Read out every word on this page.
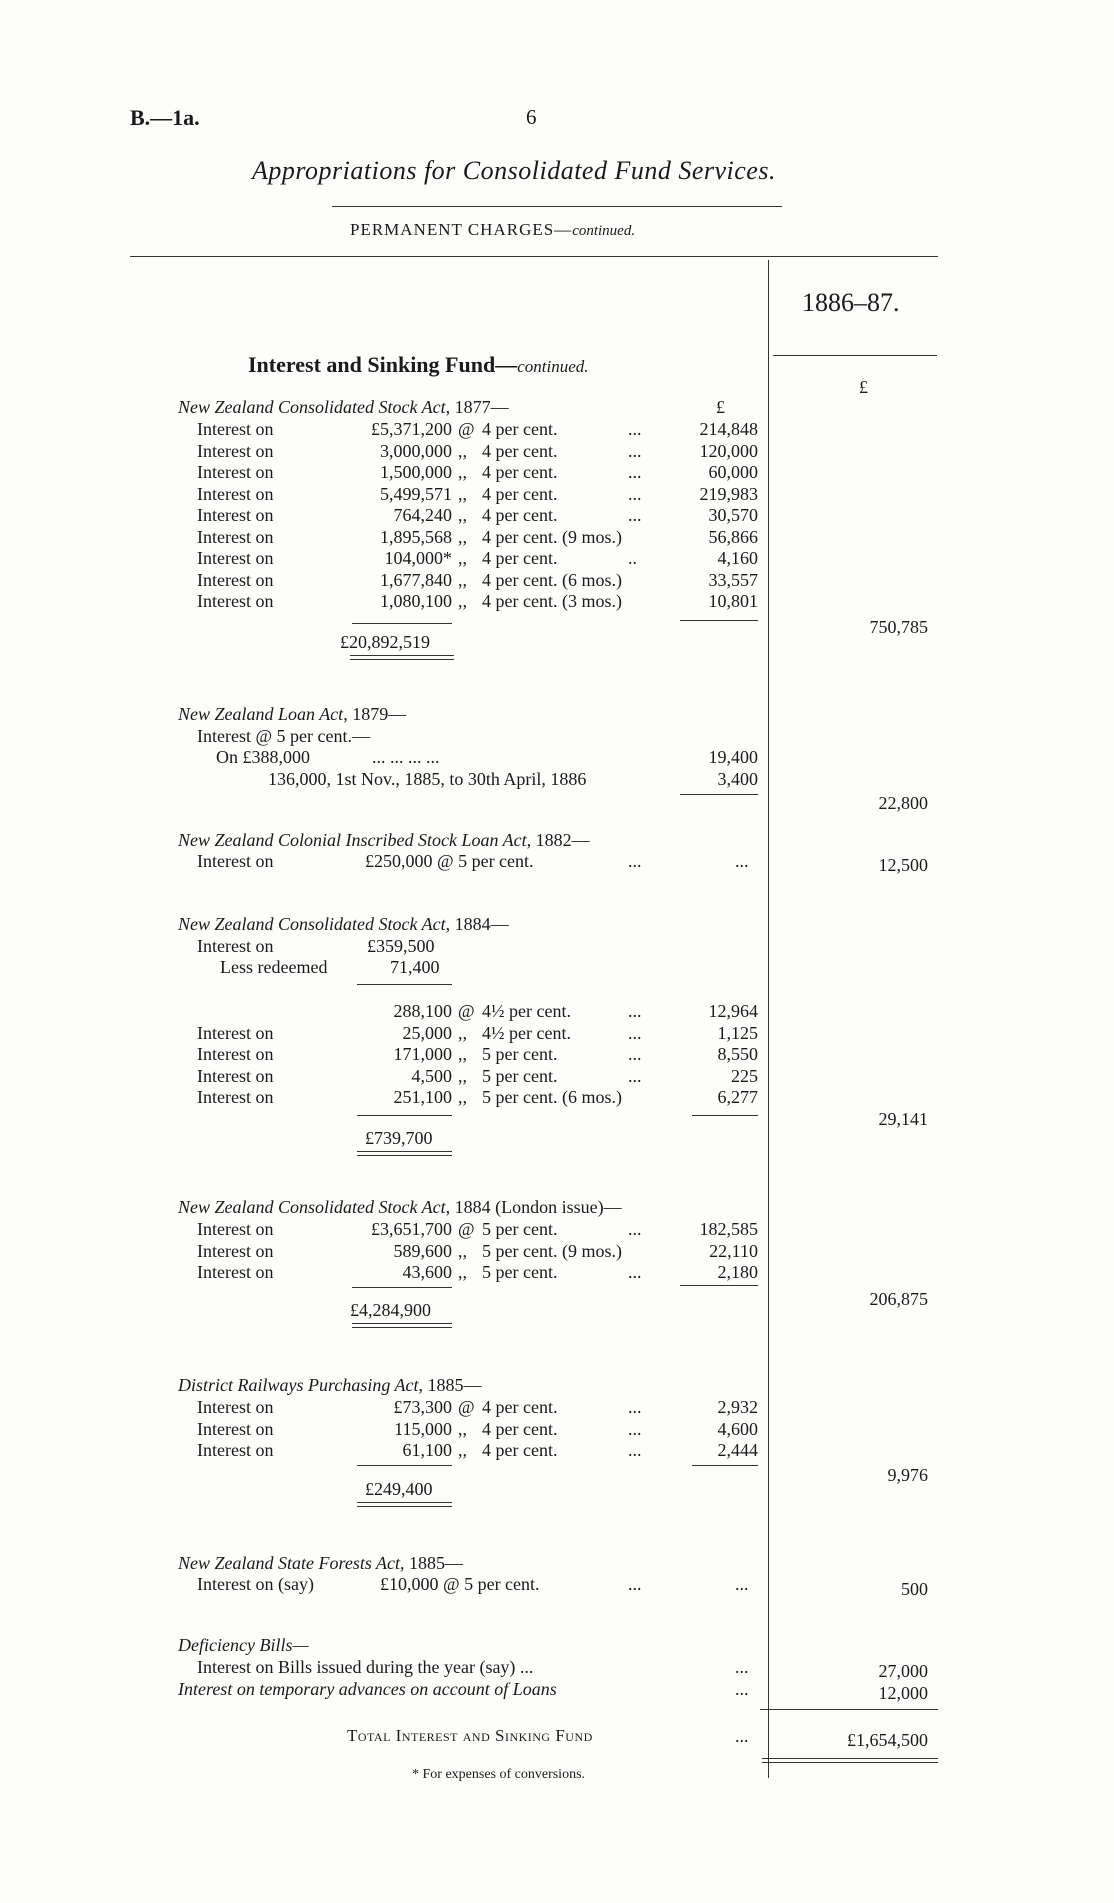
B.—1a.	6
Appropriations for Consolidated Fund Services.
PERMANENT CHARGES—continued.
1886–87.
£
Interest and Sinking Fund—continued.
New Zealand Consolidated Stock Act, 1877—	£
Interest on	£5,371,200 @ 4 per cent.	...	214,848
Interest on	3,000,000 ,, 4 per cent.	...	120,000
Interest on	1,500,000 ,, 4 per cent.	...	60,000
Interest on	5,499,571 ,, 4 per cent.	...	219,983
Interest on	764,240 ,, 4 per cent.	...	30,570
Interest on	1,895,568 ,, 4 per cent. (9 mos.)	56,866
Interest on	104,000* ,, 4 per cent.	..	4,160
Interest on	1,677,840 ,, 4 per cent. (6 mos.)	33,557
Interest on	1,080,100 ,, 4 per cent. (3 mos.)	10,801
£20,892,519
750,785
New Zealand Loan Act, 1879—
Interest @ 5 per cent.—
On £388,000	... ... ... ...	19,400
136,000, 1st Nov., 1885, to 30th April, 1886	3,400
22,800
New Zealand Colonial Inscribed Stock Loan Act, 1882—
Interest on	£250,000 @ 5 per cent.	...	...	12,500
New Zealand Consolidated Stock Act, 1884—
Interest on	£359,500
Less redeemed	71,400
288,100 @ 4½ per cent.	...	12,964
Interest on	25,000 ,, 4½ per cent.	...	1,125
Interest on	171,000 ,, 5 per cent.	...	8,550
Interest on	4,500 ,, 5 per cent.	...	225
Interest on	251,100 ,, 5 per cent. (6 mos.)	6,277
£739,700
29,141
New Zealand Consolidated Stock Act, 1884 (London issue)—
Interest on	£3,651,700 @ 5 per cent.	...	182,585
Interest on	589,600 ,, 5 per cent. (9 mos.)	22,110
Interest on	43,600 ,, 5 per cent.	...	2,180
£4,284,900
206,875
District Railways Purchasing Act, 1885—
Interest on	£73,300 @ 4 per cent.	...	2,932
Interest on	115,000 ,, 4 per cent.	...	4,600
Interest on	61,100 ,, 4 per cent.	...	2,444
£249,400
9,976
New Zealand State Forests Act, 1885—
Interest on (say)	£10,000 @ 5 per cent.	...	...	500
Deficiency Bills—
Interest on Bills issued during the year (say) ...	...	27,000
Interest on temporary advances on account of Loans	...	12,000
Total Interest and Sinking Fund	...	£1,654,500
* For expenses of conversions.
